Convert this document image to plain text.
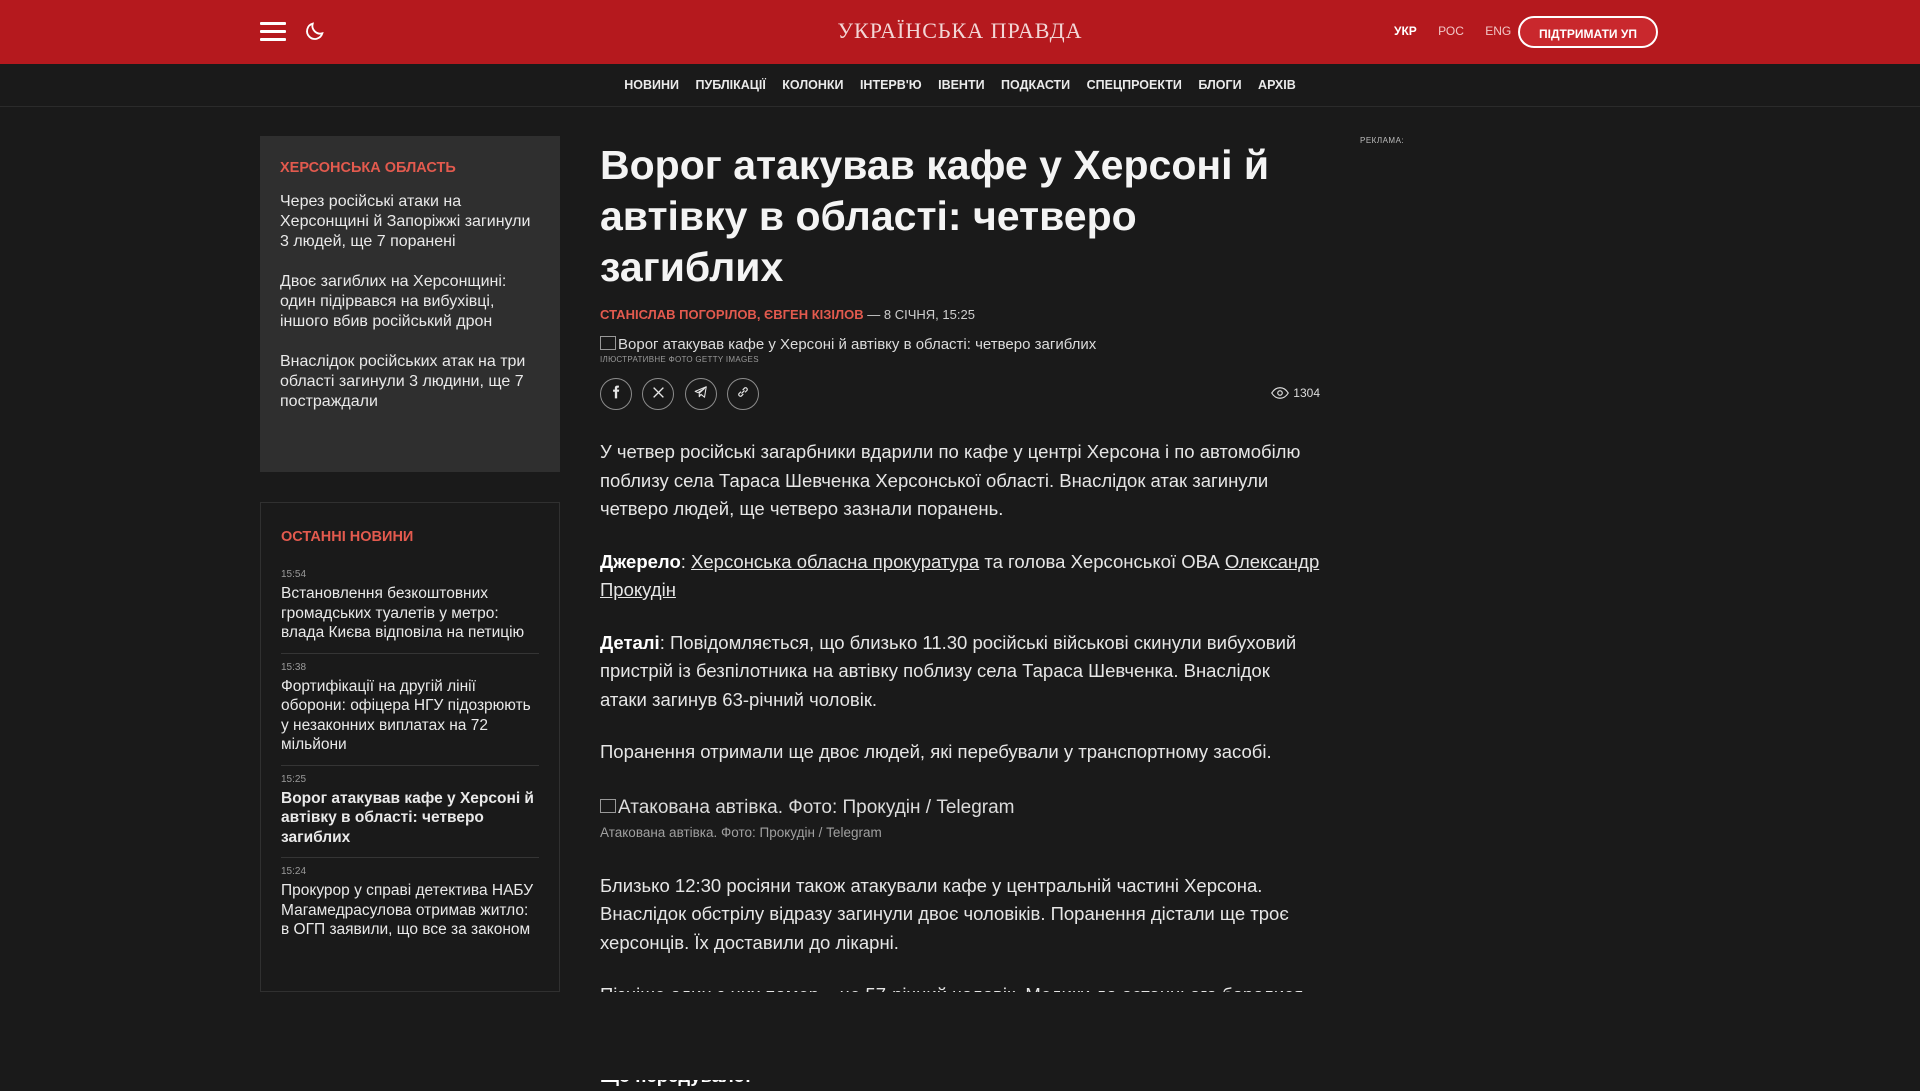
УКРАЇНСЬКА ПРАВДА	УКР РОС ENG	ПІДТРИМАТИ УП
НОВИНИ ПУБЛІКАЦІЇ КОЛОНКИ ІНТЕРВ'Ю ІВЕНТИ ПОДКАСТИ СПЕЦПРОЕКТИ БЛОГИ АРХІВ
ХЕРСОНСЬКА ОБЛАСТЬ
Через російські атаки на Херсонщині й Запоріжжі загинули 3 людей, ще 7 поранені
Двоє загиблих на Херсонщині: один підірвався на вибухівці, іншого вбив російський дрон
Внаслідок російських атак на три області загинули 3 людини, ще 7 постраждали
ОСТАННІ НОВИНИ
15:54
Встановлення безкоштовних громадських туалетів у метро: влада Києва відповіла на петицію
15:38
Фортифікації на другій лінії оборони: офіцера НГУ підозрюють у незаконних виплатах на 72 мільйони
15:25
Ворог атакував кафе у Херсоні й автівку в області: четверо загиблих
15:24
Прокурор у справі детектива НАБУ Магамедрасулова отримав житло: в ОГП заявили, що все за законом
Ворог атакував кафе у Херсоні й автівку в області: четверо загиблих
СТАНІСЛАВ ПОГОРІЛОВ, ЄВГЕН КІЗІЛОВ — 8 СІЧНЯ, 15:25
Ворог атакував кафе у Херсоні й автівку в області: четверо загиблих
ІЛЮСТРАТИВНЕ ФОТО GETTY IMAGES

1304

У четвер російські загарбники вдарили по кафе у центрі Херсона і по автомобілю поблизу села Тараса Шевченка Херсонської області. Внаслідок атак загинули четверо людей, ще четверо зазнали поранень.

Джерело: Херсонська обласна прокуратура та голова Херсонської ОВА Олександр Прокудін

Деталі: Повідомляється, що близько 11.30 російські військові скинули вибуховий пристрій із безпілотника на автівку поблизу села Тараса Шевченка. Внаслідок атаки загинув 63-річний чоловік.

Поранення отримали ще двоє людей, які перебували у транспортному засобі.

Атакована автівка. Фото: Прокудін / Telegram
Атакована автівка. Фото: Прокудін / Telegram

Близько 12:30 росіяни також атакували кафе у центральній частині Херсона. Внаслідок обстрілу відразу загинули двоє чоловіків. Поранення дістали ще троє херсонців. Їх доставили до лікарні.

РЕКЛАМА:
